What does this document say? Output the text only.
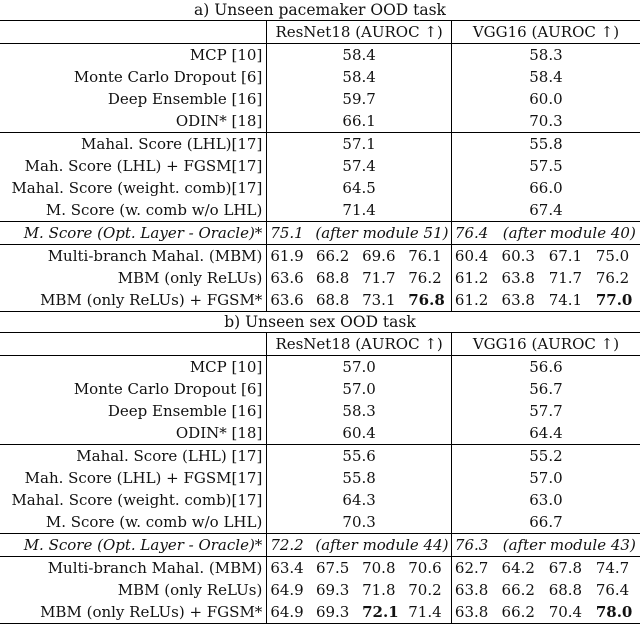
a) Unseen pacemaker OOD task
	ResNet18 (AUROC ↑)				VGG16 (AUROC ↑)			
MCP [10]	58.4				58.3			
Monte Carlo Dropout [6]	58.4				58.4			
Deep Ensemble [16]	59.7				60.0			
ODIN* [18]	66.1				70.3			
Mahal. Score (LHL)[17]	57.1				55.8			
Mah. Score (LHL) + FGSM[17]	57.4				57.5			
Mahal. Score (weight. comb)[17]	64.5				66.0			
M. Score (w. comb w/o LHL)	71.4				67.4			
M. Score (Opt. Layer - Oracle)*	75.1	(after module 51)			76.4	(after module 40)		
Multi-branch Mahal. (MBM)	61.9	66.2	69.6	76.1	60.4	60.3	67.1	75.0
MBM (only ReLUs)	63.6	68.8	71.7	76.2	61.2	63.8	71.7	76.2
MBM (only ReLUs) + FGSM*	63.6	68.8	73.1	76.8	61.2	63.8	74.1	77.0
b) Unseen sex OOD task
	ResNet18 (AUROC ↑)				VGG16 (AUROC ↑)			
MCP [10]	57.0				56.6			
Monte Carlo Dropout [6]	57.0				56.7			
Deep Ensemble [16]	58.3				57.7			
ODIN* [18]	60.4				64.4			
Mahal. Score (LHL) [17]	55.6				55.2			
Mah. Score (LHL) + FGSM[17]	55.8				57.0			
Mahal. Score (weight. comb)[17]	64.3				63.0			
M. Score (w. comb w/o LHL)	70.3				66.7			
M. Score (Opt. Layer - Oracle)*	72.2	(after module 44)			76.3	(after module 43)		
Multi-branch Mahal. (MBM)	63.4	67.5	70.8	70.6	62.7	64.2	67.8	74.7
MBM (only ReLUs)	64.9	69.3	71.8	70.2	63.8	66.2	68.8	76.4
MBM (only ReLUs) + FGSM*	64.9	69.3	72.1	71.4	63.8	66.2	70.4	78.0
